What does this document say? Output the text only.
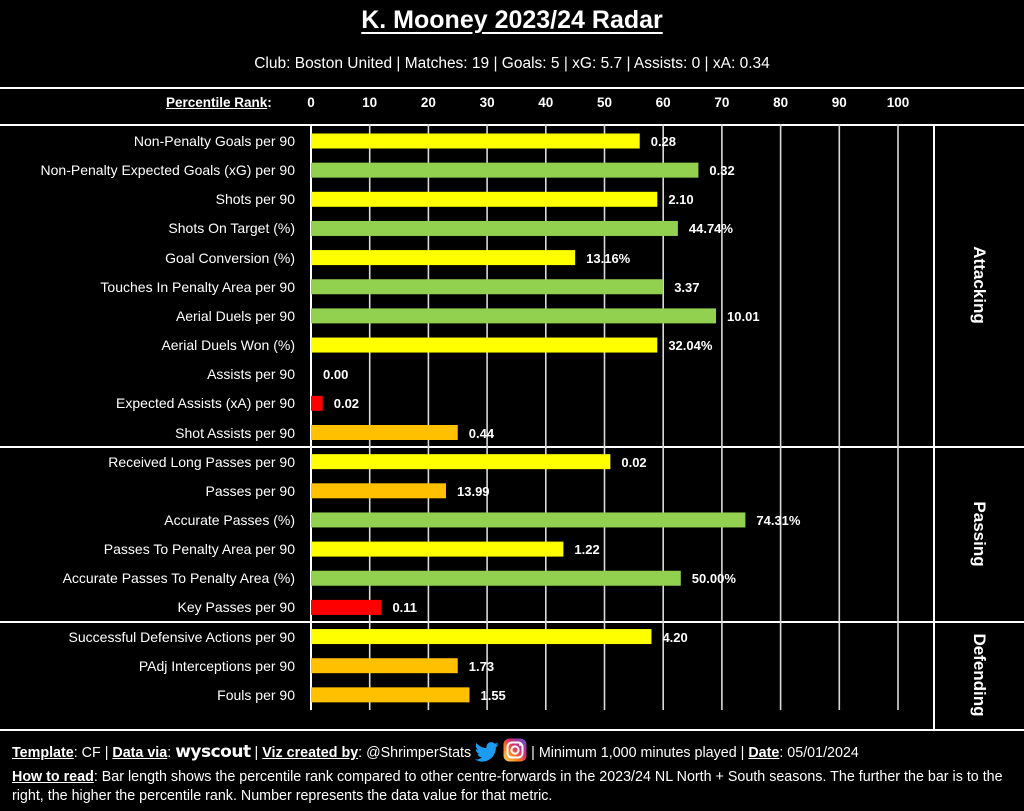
K. Mooney 2023/24 Radar
Club: Boston United | Matches: 19 | Goals: 5 | xG: 5.7 | Assists: 0 | xA: 0.34
Percentile Rank:	0	10	20	30	40	50	60	70	80	90	100
Non-Penalty Goals per 90	0.28
Non-Penalty Expected Goals (xG) per 90	0.32
Shots per 90	2.10
Shots On Target (%)	44.74%
Goal Conversion (%)	13.16%
Touches In Penalty Area per 90	3.37
Aerial Duels per 90	10.01
Aerial Duels Won (%)	32.04%
Assists per 90 0.00
Expected Assists (xA) per 90	0.02
Shot Assists per 90	0.44
Received Long Passes per 90	0.02
Passes per 90	13.99
Accurate Passes (%)	74.31%
Passes To Penalty Area per 90	1.22
Accurate Passes To Penalty Area (%)	50.00%
Key Passes per 90	0.11
Successful Defensive Actions per 90	4.20
PAdj Interceptions per 90	1.73
Fouls per 90	1.55
Attacking
Passing
Defending
Template: CF | Data via: wyscout | Viz created by: @ShrimperStats	| Minimum 1,000 minutes played | Date: 05/01/2024
How to read: Bar length shows the percentile rank compared to other centre-forwards in the 2023/24 NL North + South seasons. The further the bar is to the right, the higher the percentile rank. Number represents the data value for that metric.
